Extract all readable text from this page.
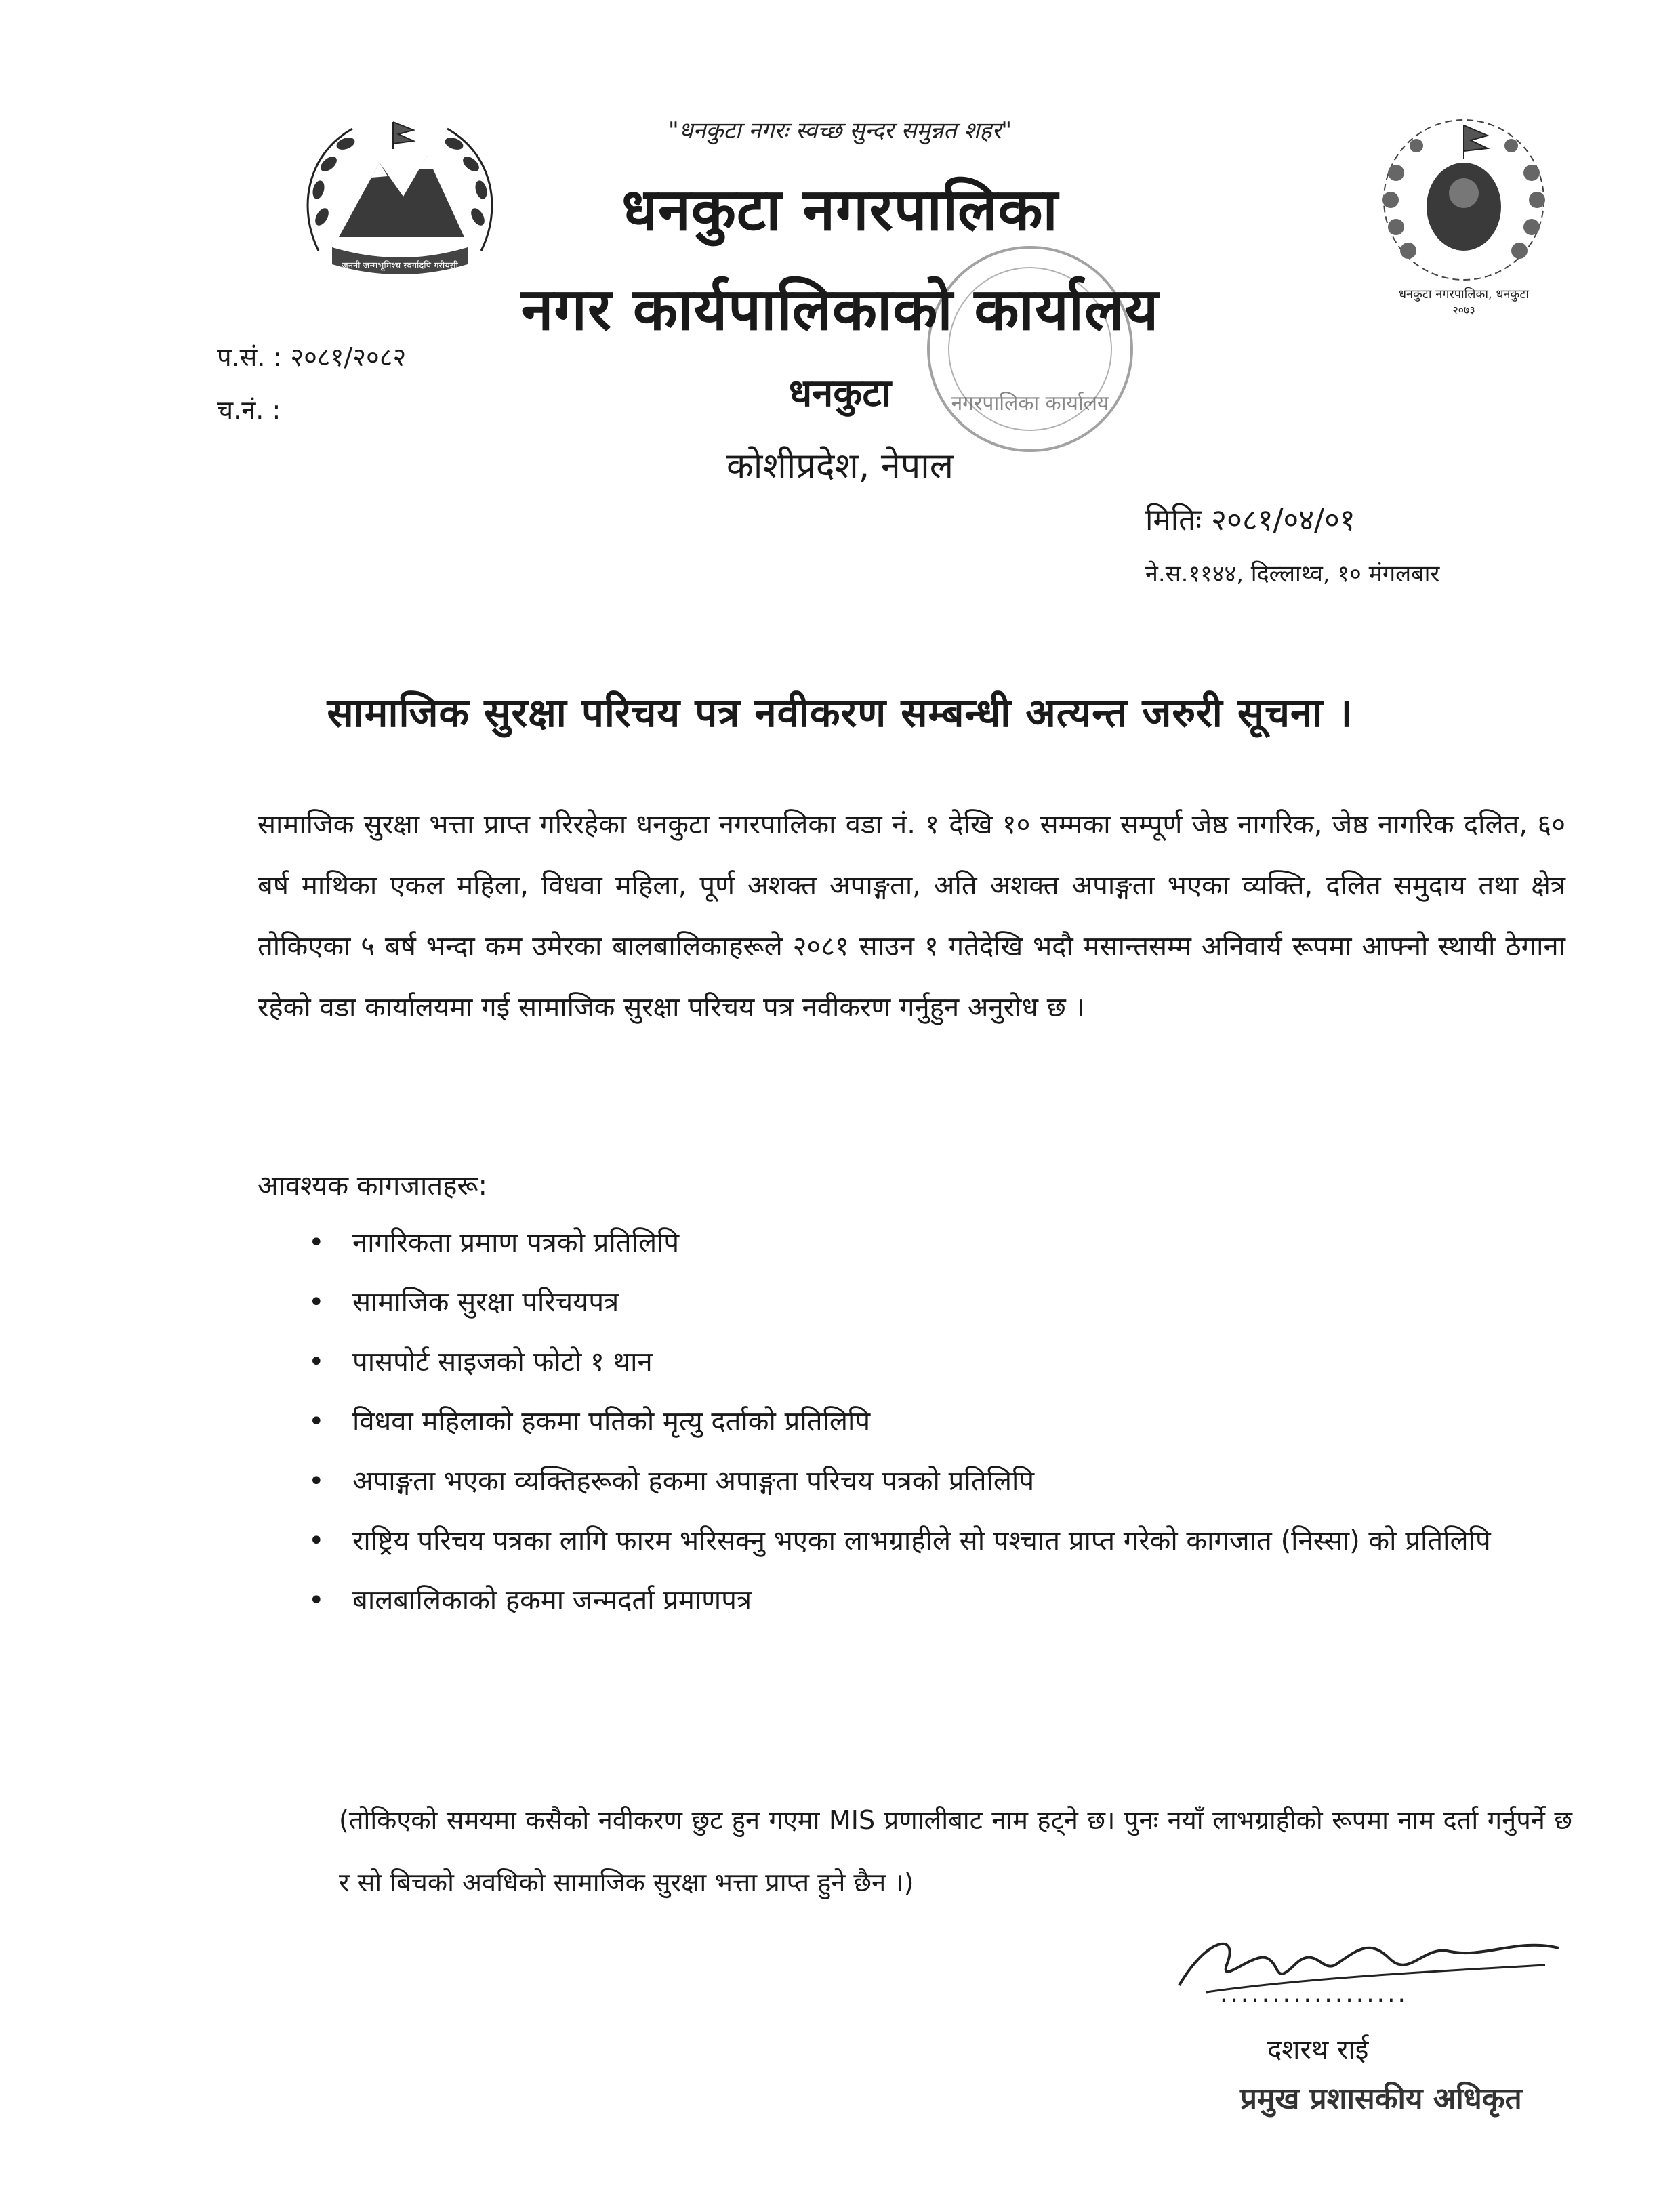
जननी जन्मभूमिश्च स्वर्गादपि गरीयसी
धनकुटा नगरपालिका, धनकुटा
२०७३
नगरपालिका कार्यालय
"धनकुटा नगरः स्वच्छ सुन्दर समुन्नत शहर"
धनकुटा नगरपालिका
नगर कार्यपालिकाको कार्यालय
धनकुटा
कोशीप्रदेश, नेपाल
प.सं. : २०८१/२०८२
च.नं. :
मितिः २०८१/०४/०१
ने.स.११४४, दिल्लाथ्व, १० मंगलबार
सामाजिक सुरक्षा परिचय पत्र नवीकरण सम्बन्धी अत्यन्त जरुरी सूचना ।
सामाजिक सुरक्षा भत्ता प्राप्त गरिरहेका धनकुटा नगरपालिका वडा नं. १ देखि १० सम्मका सम्पूर्ण जेष्ठ नागरिक, जेष्ठ नागरिक दलित, ६० बर्ष माथिका एकल महिला, विधवा महिला, पूर्ण अशक्त अपाङ्गता, अति अशक्त अपाङ्गता भएका व्यक्ति, दलित समुदाय तथा क्षेत्र तोकिएका ५ बर्ष भन्दा कम उमेरका बालबालिकाहरूले २०८१ साउन १ गतेदेखि भदौ मसान्तसम्म अनिवार्य रूपमा आफ्नो स्थायी ठेगाना रहेको वडा कार्यालयमा गई सामाजिक सुरक्षा परिचय पत्र नवीकरण गर्नुहुन अनुरोध छ ।
आवश्यक कागजातहरू:
• नागरिकता प्रमाण पत्रको प्रतिलिपि
• सामाजिक सुरक्षा परिचयपत्र
• पासपोर्ट साइजको फोटो १ थान
• विधवा महिलाको हकमा पतिको मृत्यु दर्ताको प्रतिलिपि
• अपाङ्गता भएका व्यक्तिहरूको हकमा अपाङ्गता परिचय पत्रको प्रतिलिपि
• राष्ट्रिय परिचय पत्रका लागि फारम भरिसक्नु भएका लाभग्राहीले सो पश्चात प्राप्त गरेको कागजात (निस्सा) को प्रतिलिपि
• बालबालिकाको हकमा जन्मदर्ता प्रमाणपत्र
(तोकिएको समयमा कसैको नवीकरण छुट हुन गएमा MIS प्रणालीबाट नाम हट्ने छ। पुनः नयाँ लाभग्राहीको रूपमा नाम दर्ता गर्नुपर्ने छ र सो बिचको अवधिको सामाजिक सुरक्षा भत्ता प्राप्त हुने छैन ।)
..................
दशरथ राई
प्रमुख प्रशासकीय अधिकृत
